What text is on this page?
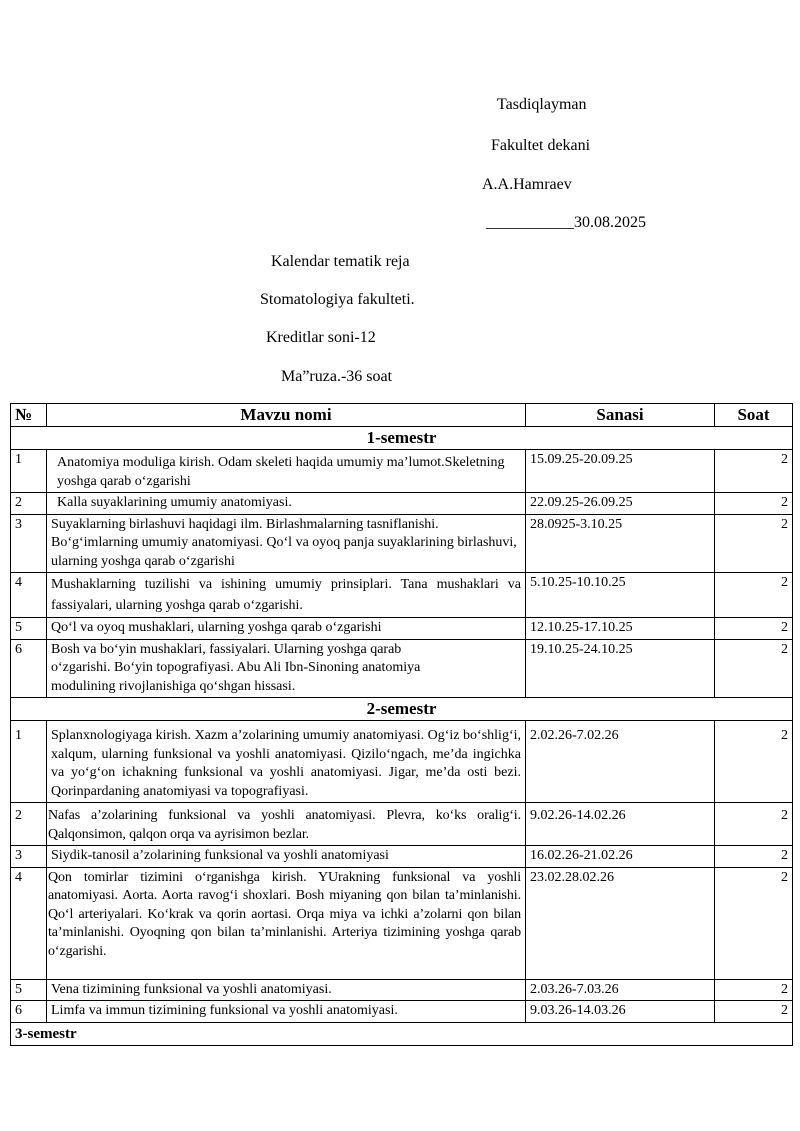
Tasdiqlayman
Fakultet dekani
A.A.Hamraev
___________30.08.2025
Kalendar tematik reja
Stomatologiya fakulteti.
Kreditlar soni-12
Ma”ruza.-36 soat
№	Mavzu nomi	Sanasi	Soat
1-semestr			
1	Anatomiya moduliga kirish. Odam skeleti haqida umumiy ma’lumot.Skeletning yoshga qarab o‘zgarishi	15.09.25-20.09.25	2
2	Kalla suyaklarining umumiy anatomiyasi.	22.09.25-26.09.25	2
3	Suyaklarning birlashuvi haqidagi ilm. Birlashmalarning tasniflanishi. Bo‘g‘imlarning umumiy anatomiyasi. Qo‘l va oyoq panja suyaklarining birlashuvi, ularning yoshga qarab o‘zgarishi	28.0925-3.10.25	2
4	Mushaklarning tuzilishi va ishining umumiy prinsiplari. Tana mushaklari va fassiyalari, ularning yoshga qarab o‘zgarishi.	5.10.25-10.10.25	2
5	Qo‘l va oyoq mushaklari, ularning yoshga qarab o‘zgarishi	12.10.25-17.10.25	2
6	Bosh va bo‘yin mushaklari, fassiyalari. Ularning yoshga qarab o‘zgarishi. Bo‘yin topografiyasi. Abu Ali Ibn-Sinoning anatomiya modulining rivojlanishiga qo‘shgan hissasi.	19.10.25-24.10.25	2
2-semestr			
1	Splanxnologiyaga kirish. Xazm a’zolarining umumiy anatomiyasi. Og‘iz bo‘shlig‘i, xalqum, ularning funksional va yoshli anatomiyasi. Qizilo‘ngach, me’da ingichka va yo‘g‘on ichakning funksional va yoshli anatomiyasi. Jigar, me’da osti bezi. Qorinpardaning anatomiyasi va topografiyasi.	2.02.26-7.02.26	2
2	Nafas a’zolarining funksional va yoshli anatomiyasi. Plevra, ko‘ks oralig‘i. Qalqonsimon, qalqon orqa va ayrisimon bezlar.	9.02.26-14.02.26	2
3	Siydik-tanosil a’zolarining funksional va yoshli anatomiyasi	16.02.26-21.02.26	2
4	Qon tomirlar tizimini o‘rganishga kirish. YUrakning funksional va yoshli anatomiyasi. Aorta. Aorta ravog‘i shoxlari. Bosh miyaning qon bilan ta’minlanishi. Qo‘l arteriyalari. Ko‘krak va qorin aortasi. Orqa miya va ichki a’zolarni qon bilan ta’minlanishi. Oyoqning qon bilan ta’minlanishi. Arteriya tizimining yoshga qarab o‘zgarishi.	23.02.28.02.26	2
5	Vena tizimining funksional va yoshli anatomiyasi.	2.03.26-7.03.26	2
6	Limfa va immun tizimining funksional va yoshli anatomiyasi.	9.03.26-14.03.26	2
3-semestr			
